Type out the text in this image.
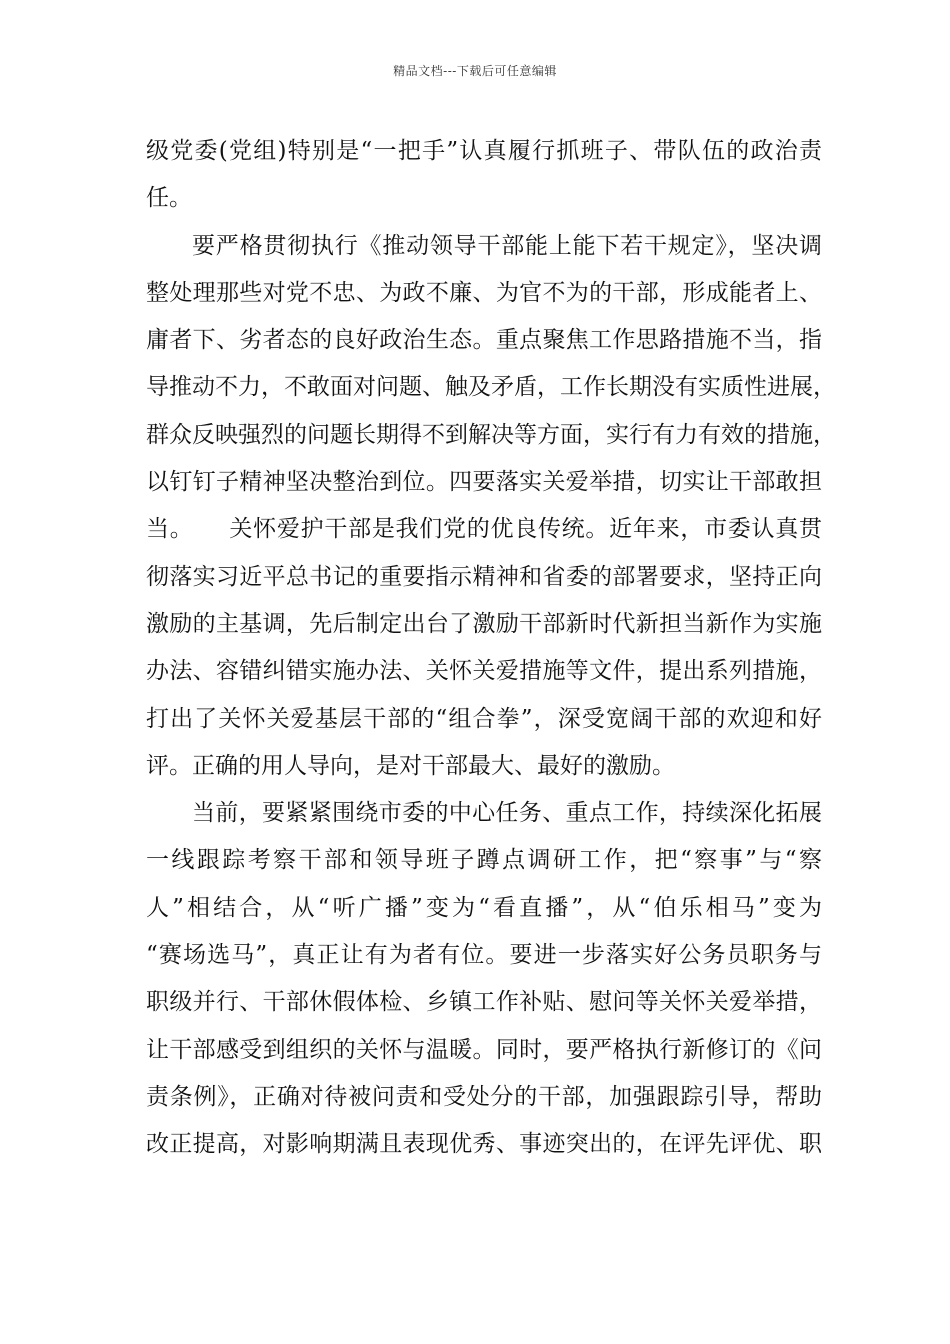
精品文档---下载后可任意编辑
级党委(党组)特别是“一把手”认真履行抓班子、带队伍的政治责
任。
要严格贯彻执行《推动领导干部能上能下若干规定》，坚决调
整处理那些对党不忠、为政不廉、为官不为的干部，形成能者上、
庸者下、劣者态的良好政治生态。重点聚焦工作思路措施不当，指
导推动不力，不敢面对问题、触及矛盾，工作长期没有实质性进展，
群众反映强烈的问题长期得不到解决等方面，实行有力有效的措施，
以钉钉子精神坚决整治到位。四要落实关爱举措，切实让干部敢担
当。　　关怀爱护干部是我们党的优良传统。近年来，市委认真贯
彻落实习近平总书记的重要指示精神和省委的部署要求，坚持正向
激励的主基调，先后制定出台了激励干部新时代新担当新作为实施
办法、容错纠错实施办法、关怀关爱措施等文件，提出系列措施，
打出了关怀关爱基层干部的“组合拳”，深受宽阔干部的欢迎和好
评。正确的用人导向，是对干部最大、最好的激励。
当前，要紧紧围绕市委的中心任务、重点工作，持续深化拓展
一线跟踪考察干部和领导班子蹲点调研工作，把“察事”与“察
人”相结合，从“听广播”变为“看直播”，从“伯乐相马”变为
“赛场选马”，真正让有为者有位。要进一步落实好公务员职务与
职级并行、干部休假体检、乡镇工作补贴、慰问等关怀关爱举措，
让干部感受到组织的关怀与温暖。同时，要严格执行新修订的《问
责条例》，正确对待被问责和受处分的干部，加强跟踪引导，帮助
改正提高，对影响期满且表现优秀、事迹突出的，在评先评优、职
